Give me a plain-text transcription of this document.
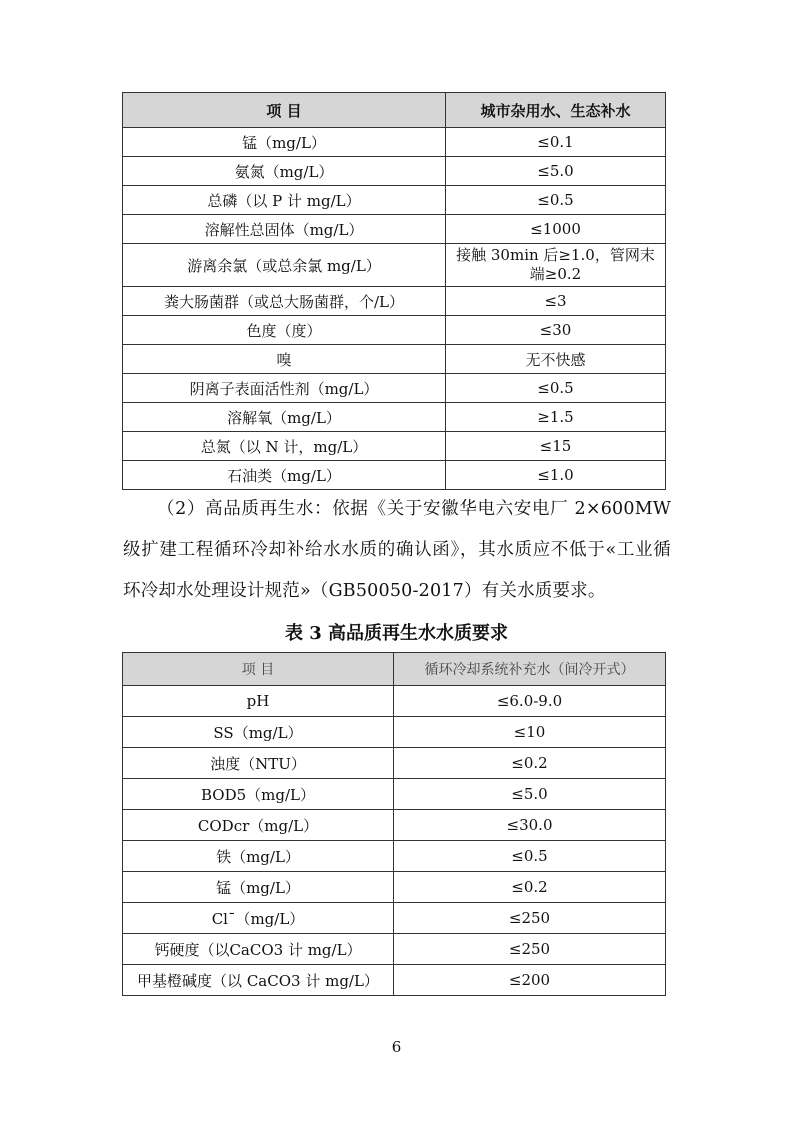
项 目	城市杂用水、生态补水
锰（mg/L）	≤0.1
氨氮（mg/L）	≤5.0
总磷（以 P 计 mg/L）	≤0.5
溶解性总固体（mg/L）	≤1000
游离余氯（或总余氯 mg/L）	接触 30min 后≥1.0，管网末端≥0.2
粪大肠菌群（或总大肠菌群，个/L）	≤3
色度（度）	≤30
嗅	无不快感
阴离子表面活性剂（mg/L）	≤0.5
溶解氧（mg/L）	≥1.5
总氮（以 N 计，mg/L）	≤15
石油类（mg/L）	≤1.0

（2）高品质再生水：依据《关于安徽华电六安电厂 2×600MW 级扩建工程循环冷却补给水水质的确认函》，其水质应不低于«工业循环冷却水处理设计规范»（GB50050-2017）有关水质要求。

表 3 高品质再生水水质要求
项 目	循环冷却系统补充水（间冷开式）
pH	≤6.0-9.0
SS（mg/L）	≤10
浊度（NTU）	≤0.2
BOD5（mg/L）	≤5.0
CODcr（mg/L）	≤30.0
铁（mg/L）	≤0.5
锰（mg/L）	≤0.2
Cl¯（mg/L）	≤250
钙硬度（以CaCO3 计 mg/L）	≤250
甲基橙碱度（以 CaCO3 计 mg/L）	≤200
6
